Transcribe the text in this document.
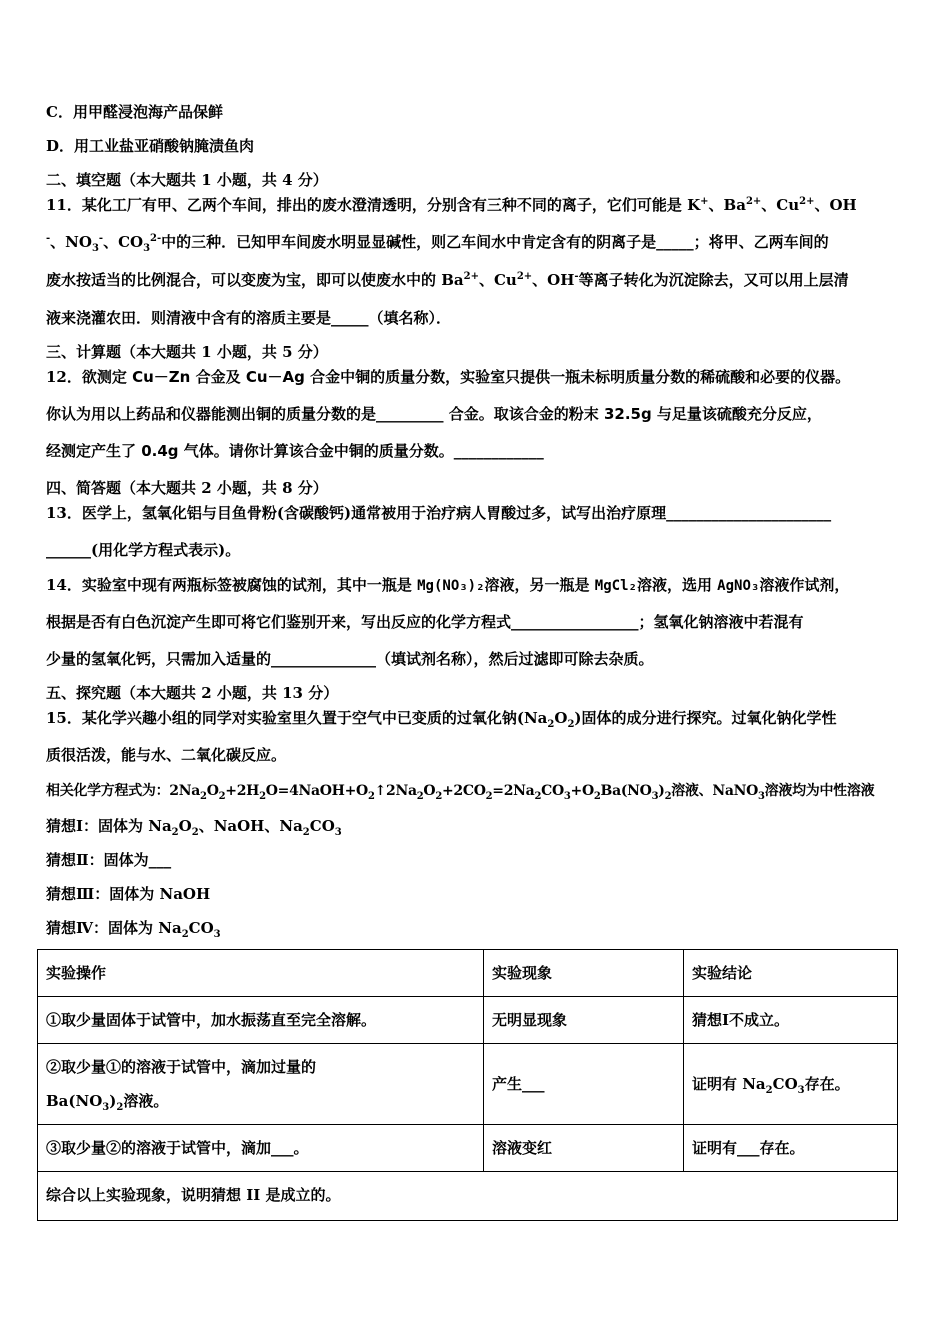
C．用甲醛浸泡海产品保鲜
D．用工业盐亚硝酸钠腌渍鱼肉
二、填空题（本大题共 1 小题，共 4 分）
11．某化工厂有甲、乙两个车间，排出的废水澄清透明，分别含有三种不同的离子，它们可能是 K+、$Ba^{2+}$、$Cu^{2+}$、OH
-、$NO_3^-$、$CO_3^{2-}$中的三种．已知甲车间废水明显显碱性，则乙车间水中肯定含有的阴离子是_____；将甲、乙两车间的
废水按适当的比例混合，可以变废为宝，即可以使废水中的 $Ba^{2+}$、$Cu^{2+}$、OH-等离子转化为沉淀除去，又可以用上层清
液来浇灌农田．则清液中含有的溶质主要是_____（填名称）．
三、计算题（本大题共 1 小题，共 5 分）
12．欲测定 Cu－Zn 合金及 Cu－Ag 合金中铜的质量分数，实验室只提供一瓶未标明质量分数的稀硫酸和必要的仪器。
你认为用以上药品和仪器能测出铜的质量分数的是_________ 合金。取该合金的粉末 32.5g 与足量该硫酸充分反应，
经测定产生了 0.4g 气体。请你计算该合金中铜的质量分数。____________
四、简答题（本大题共 2 小题，共 8 分）
13．医学上，氢氧化铝与目鱼骨粉(含碳酸钙)通常被用于治疗病人胃酸过多，试写出治疗原理______________________
______(用化学方程式表示)。
14．实验室中现有两瓶标签被腐蚀的试剂，其中一瓶是 Mg(NO₃)₂溶液，另一瓶是 MgCl₂溶液，选用 AgNO₃溶液作试剂，
根据是否有白色沉淀产生即可将它们鉴别开来，写出反应的化学方程式_________________；氢氧化钠溶液中若混有
少量的氢氧化钙，只需加入适量的______________（填试剂名称），然后过滤即可除去杂质。
五、探究题（本大题共 2 小题，共 13 分）
15．某化学兴趣小组的同学对实验室里久置于空气中已变质的过氧化钠$(Na_2O_2)$固体的成分进行探究。过氧化钠化学性
质很活泼，能与水、二氧化碳反应。
相关化学方程式为：$2Na_2O_2+2H_2O=4NaOH+O_2↑2Na_2O_2+2CO_2=2Na_2CO_3+O_2Ba(NO_3)_2$溶液、NaNO$_3$溶液均为中性溶液
猜想Ⅰ：固体为 $Na_2O_2$、NaOH、$Na_2CO_3$
猜想Ⅱ：固体为___
猜想Ⅲ：固体为 NaOH
猜想Ⅳ：固体为 $Na_2CO_3$
实验操作	实验现象	实验结论
①取少量固体于试管中，加水振荡直至完全溶解。	无明显现象	猜想Ⅰ不成立。
②取少量①的溶液于试管中，滴加过量的
$Ba(NO_3)_2$溶液。	产生___	证明有 $Na_2CO_3$存在。
③取少量②的溶液于试管中，滴加___。	溶液变红	证明有___存在。
综合以上实验现象，说明猜想 II 是成立的。		
